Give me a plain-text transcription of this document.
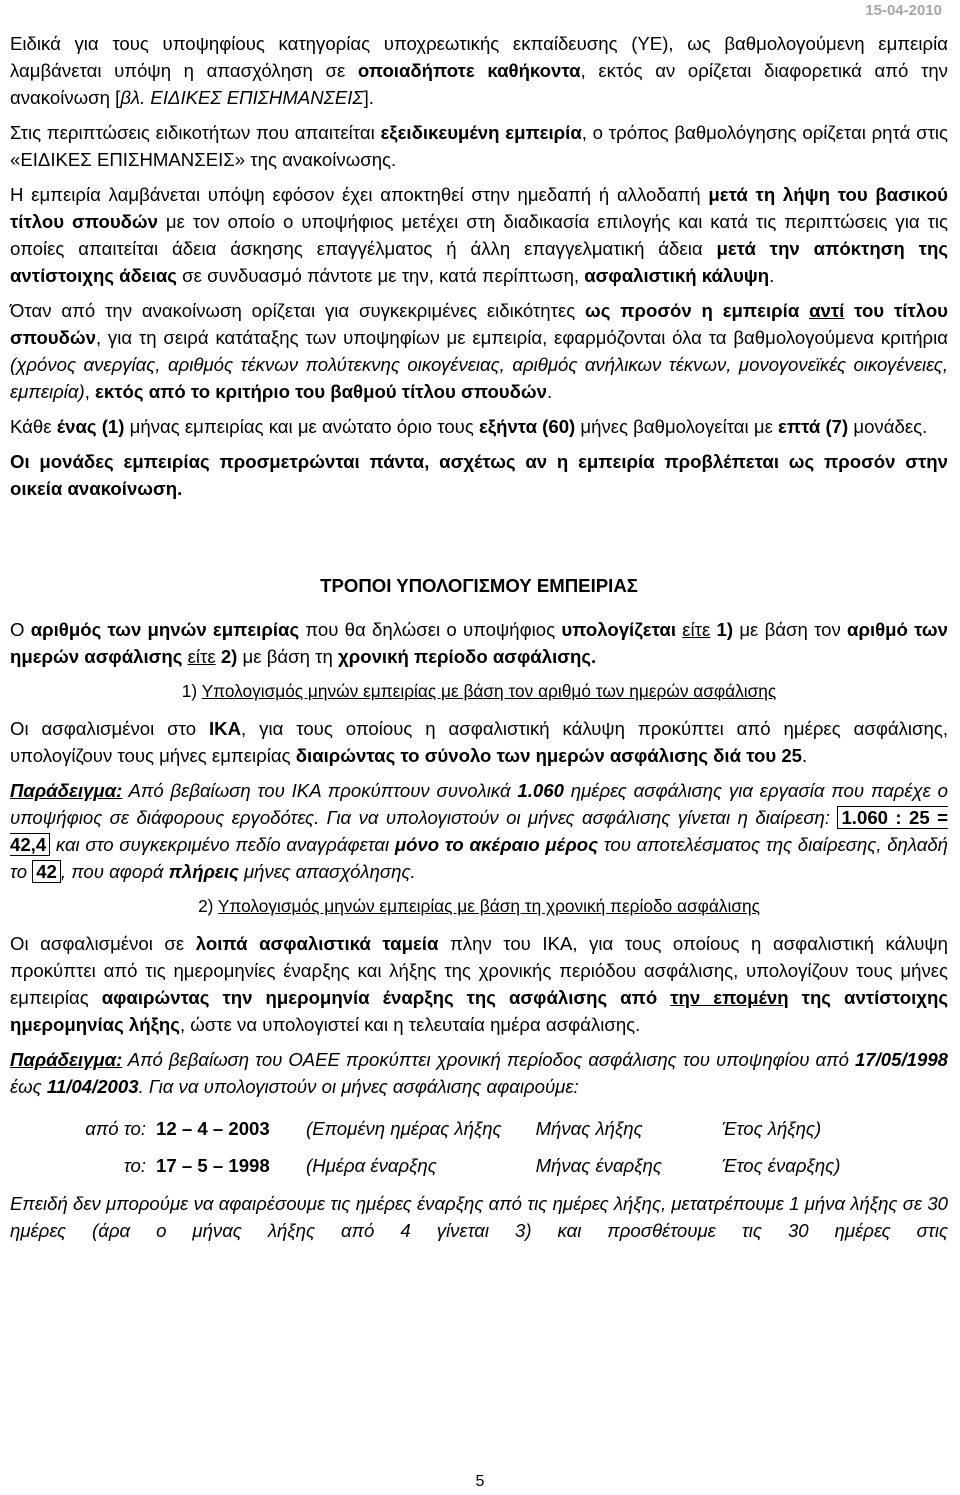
15-04-2010

Ειδικά για τους υποψηφίους κατηγορίας υποχρεωτικής εκπαίδευσης (ΥΕ), ως βαθμολογούμενη εμπειρία λαμβάνεται υπόψη η απασχόληση σε οποιαδήποτε καθήκοντα, εκτός αν ορίζεται διαφορετικά από την ανακοίνωση [βλ. ΕΙΔΙΚΕΣ ΕΠΙΣΗΜΑΝΣΕΙΣ].

Στις περιπτώσεις ειδικοτήτων που απαιτείται εξειδικευμένη εμπειρία, ο τρόπος βαθμολόγησης ορίζεται ρητά στις «ΕΙΔΙΚΕΣ ΕΠΙΣΗΜΑΝΣΕΙΣ» της ανακοίνωσης.

Η εμπειρία λαμβάνεται υπόψη εφόσον έχει αποκτηθεί στην ημεδαπή ή αλλοδαπή μετά τη λήψη του βασικού τίτλου σπουδών με τον οποίο ο υποψήφιος μετέχει στη διαδικασία επιλογής και κατά τις περιπτώσεις για τις οποίες απαιτείται άδεια άσκησης επαγγέλματος ή άλλη επαγγελματική άδεια μετά την απόκτηση της αντίστοιχης άδειας σε συνδυασμό πάντοτε με την, κατά περίπτωση, ασφαλιστική κάλυψη.

Όταν από την ανακοίνωση ορίζεται για συγκεκριμένες ειδικότητες ως προσόν η εμπειρία αντί του τίτλου σπουδών, για τη σειρά κατάταξης των υποψηφίων με εμπειρία, εφαρμόζονται όλα τα βαθμολογούμενα κριτήρια (χρόνος ανεργίας, αριθμός τέκνων πολύτεκνης οικογένειας, αριθμός ανήλικων τέκνων, μονογονεϊκές οικογένειες, εμπειρία), εκτός από το κριτήριο του βαθμού τίτλου σπουδών.

Κάθε ένας (1) μήνας εμπειρίας και με ανώτατο όριο τους εξήντα (60) μήνες βαθμολογείται με επτά (7) μονάδες.

Οι μονάδες εμπειρίας προσμετρώνται πάντα, ασχέτως αν η εμπειρία προβλέπεται ως προσόν στην οικεία ανακοίνωση.

ΤΡΟΠΟΙ ΥΠΟΛΟΓΙΣΜΟΥ ΕΜΠΕΙΡΙΑΣ

Ο αριθμός των μηνών εμπειρίας που θα δηλώσει ο υποψήφιος υπολογίζεται είτε 1) με βάση τον αριθμό των ημερών ασφάλισης είτε 2) με βάση τη χρονική περίοδο ασφάλισης.

1) Υπολογισμός μηνών εμπειρίας με βάση τον αριθμό των ημερών ασφάλισης

Οι ασφαλισμένοι στο ΙΚΑ, για τους οποίους η ασφαλιστική κάλυψη προκύπτει από ημέρες ασφάλισης, υπολογίζουν τους μήνες εμπειρίας διαιρώντας το σύνολο των ημερών ασφάλισης διά του 25.

Παράδειγμα: Από βεβαίωση του ΙΚΑ προκύπτουν συνολικά 1.060 ημέρες ασφάλισης για εργασία που παρέχε ο υποψήφιος σε διάφορους εργοδότες. Για να υπολογιστούν οι μήνες ασφάλισης γίνεται η διαίρεση: 1.060 : 25 = 42,4 και στο συγκεκριμένο πεδίο αναγράφεται μόνο το ακέραιο μέρος του αποτελέσματος της διαίρεσης, δηλαδή το 42 , που αφορά πλήρεις μήνες απασχόλησης.

2) Υπολογισμός μηνών εμπειρίας με βάση τη χρονική περίοδο ασφάλισης

Οι ασφαλισμένοι σε λοιπά ασφαλιστικά ταμεία πλην του ΙΚΑ, για τους οποίους η ασφαλιστική κάλυψη προκύπτει από τις ημερομηνίες έναρξης και λήξης της χρονικής περιόδου ασφάλισης, υπολογίζουν τους μήνες εμπειρίας αφαιρώντας την ημερομηνία έναρξης της ασφάλισης από την επομένη της αντίστοιχης ημερομηνίας λήξης, ώστε να υπολογιστεί και η τελευταία ημέρα ασφάλισης.

Παράδειγμα: Από βεβαίωση του ΟΑΕΕ προκύπτει χρονική περίοδος ασφάλισης του υποψηφίου από 17/05/1998 έως 11/04/2003. Για να υπολογιστούν οι μήνες ασφάλισης αφαιρούμε:

από το:	12 – 4 – 2003	(Επομένη ημέρας λήξης	Μήνας λήξης	Έτος λήξης)
το:	17 – 5 – 1998	(Ημέρα έναρξης	Μήνας έναρξης	Έτος έναρξης)

Επειδή δεν μπορούμε να αφαιρέσουμε τις ημέρες έναρξης από τις ημέρες λήξης, μετατρέπουμε 1 μήνα λήξης σε 30 ημέρες (άρα ο μήνας λήξης από 4 γίνεται 3) και προσθέτουμε τις 30 ημέρες στις

5
